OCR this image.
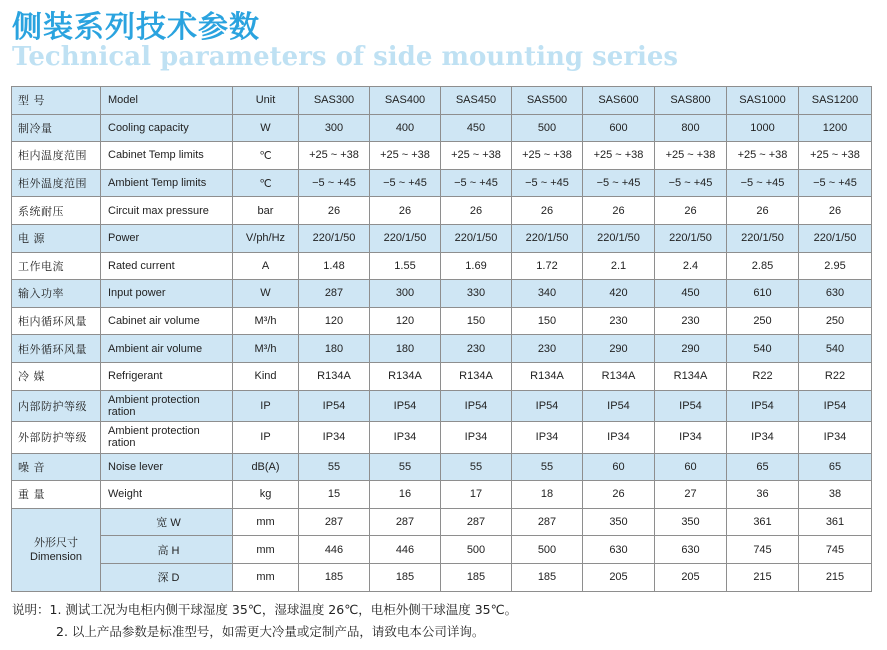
侧装系列技术参数
Technical parameters of side mounting series
型 号	Model	Unit	SAS300	SAS400	SAS450	SAS500	SAS600	SAS800	SAS1000	SAS1200
制冷量	Cooling capacity	W	300	400	450	500	600	800	1000	1200
柜内温度范围	Cabinet Temp limits	℃	+25 ~ +38	+25 ~ +38	+25 ~ +38	+25 ~ +38	+25 ~ +38	+25 ~ +38	+25 ~ +38	+25 ~ +38
柜外温度范围	Ambient Temp limits	℃	−5 ~ +45	−5 ~ +45	−5 ~ +45	−5 ~ +45	−5 ~ +45	−5 ~ +45	−5 ~ +45	−5 ~ +45
系统耐压	Circuit max pressure	bar	26	26	26	26	26	26	26	26
电 源	Power	V/ph/Hz	220/1/50	220/1/50	220/1/50	220/1/50	220/1/50	220/1/50	220/1/50	220/1/50
工作电流	Rated current	A	1.48	1.55	1.69	1.72	2.1	2.4	2.85	2.95
输入功率	Input power	W	287	300	330	340	420	450	610	630
柜内循环风量	Cabinet air volume	M³/h	120	120	150	150	230	230	250	250
柜外循环风量	Ambient air volume	M³/h	180	180	230	230	290	290	540	540
冷 媒	Refrigerant	Kind	R134A	R134A	R134A	R134A	R134A	R134A	R22	R22
内部防护等级	Ambient protection ration	IP	IP54	IP54	IP54	IP54	IP54	IP54	IP54	IP54
外部防护等级	Ambient protection ration	IP	IP34	IP34	IP34	IP34	IP34	IP34	IP34	IP34
噪 音	Noise lever	dB(A)	55	55	55	55	60	60	65	65
重 量	Weight	kg	15	16	17	18	26	27	36	38

外形尺寸
Dimension	宽 W	mm	287	287	287	287	350	350	361	361
	高 H	mm	446	446	500	500	630	630	745	745
	深 D	mm	185	185	185	185	205	205	215	215
说明：1. 测试工况为电柜内侧干球湿度 35℃，湿球温度 26℃，电柜外侧干球温度 35℃。
2. 以上产品参数是标准型号，如需更大冷量或定制产品，请致电本公司详询。
